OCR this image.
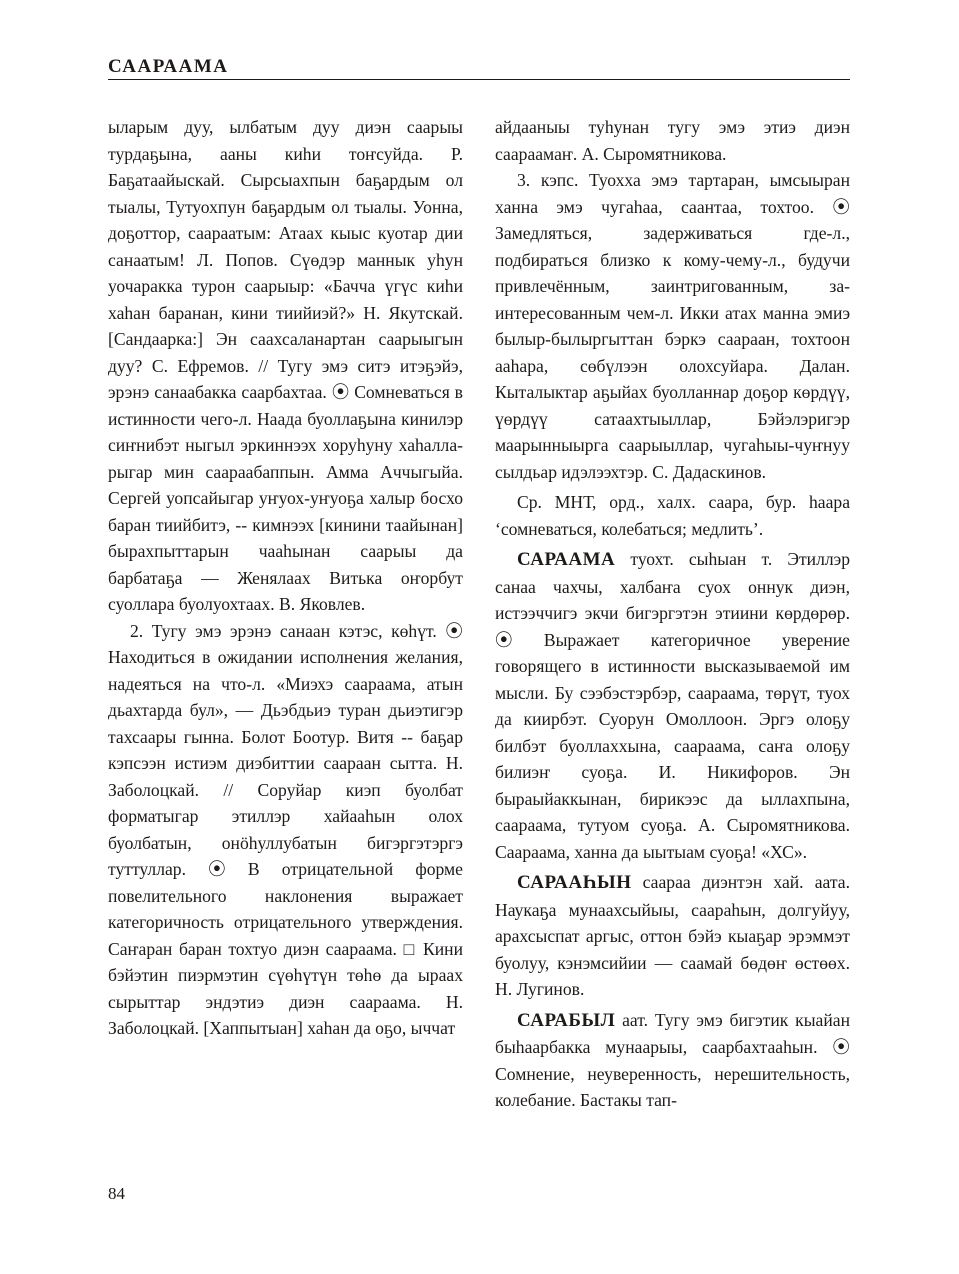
СААРААМА

ыларым дуу, ылбатым дуу диэн саарыы турдаҕына, ааны киһи тоҥсуйда. Р. Баҕатаайыскай. Сырсыахпын баҕардым ол тыалы, Тутуохпун баҕардым ол тыалы. Уонна, доҕоттор, саараатым: Атаах кыыс куотар дии санаатым! Л. Попов. Сүөдэр маннык уһун уочаракка турон саарыыр: «Бачча үгүс киһи хаһан баранан, кини тиийиэй?» Н. Якутскай. [Сандаарка:] Эн саахсаланартан саарыыгын дуу? С. Ефремов. // Тугу эмэ ситэ итэҕэйэ, эрэнэ санаабакка саарбахтаа. ⦿ Сомневаться в истинности чего-л. Наада буоллаҕына кинилэр сиҥнибэт ныгыл эркиннээх хоруһуну хаһалларыгар мин саараабаппын. Амма Аччыгыйа. Сергей уопсайыгар уҥуох-уҥуоҕа халыр босхо баран тиийбитэ, -- кимнээх [кинини таайынан] бырахпыттарын чааһынан саарыы да барбатаҕа — Женялаах Витька оҥорбут суоллара буолуохтаах. В. Яковлев.

2. Тугу эмэ эрэнэ санаан кэтэс, көһүт. ⦿ Находиться в ожидании исполнения желания, надеяться на что-л. «Миэхэ саараама, атын дьахтарда бул», — Дьэбдьиэ туран дьиэтигэр тахсаары гынна. Болот Боотур. Витя -- баҕар кэпсээн истиэм диэбиттии саараан сытта. Н. Заболоцкай. // Соруйар киэп буолбат форматыгар этиллэр хайааһын олох буолбатын, онӧһуллубатын бигэргэтэргэ туттуллар. ⦿ В отрицательной форме повелительного наклонения выражает категоричность отрицательного утверждения. Саҥаран баран тохтуо диэн саараама. □ Кини бэйэтин пиэрмэтин сүөһүтүн төһө да ыраах сырыттар эндэтиэ диэн саараама. Н. Заболоцкай. [Хаппытыан] хаһан да оҕо, ыччат

айдааныы туһунан тугу эмэ этиэ диэн саараамаҥ. А. Сыромятникова.

3. кэпс. Туохха эмэ тартаран, ымсыыран ханна эмэ чугаһаа, саантаа, тохтоо. ⦿ Замедляться, задерживаться где-л., подбираться близко к кому-чему-л., будучи привлечённым, заинтригованным, заинтересованным чем-л. Икки атах манна эмиэ былыр-былыргыттан бэркэ саараан, тохтоон ааһара, сөбүлээн олохсуйара. Далан. Кыталыктар аҕыйах буолланнар доҕор көрдүү, үөрдүү сатаахтыыллар, Бэйэлэригэр маарынныырга саарыыллар, чугаһыы-чуҥнуу сылдьар идэлээхтэр. С. Дадаскинов.

Ср. МНТ, орд., халх. саара, бур. һаара ‘сомневаться, колебаться; медлить’.

САРААМА туохт. сыһыан т. Этиллэр санаа чахчы, халбаҥа суох оннук диэн, истээччигэ экчи бигэргэтэн этиини көрдөрөр. ⦿ Выражает категоричное уверение говорящего в истинности высказываемой им мысли. Бу сээбэстэрбэр, саараама, төрүт, туох да киирбэт. Суорун Омоллоон. Эргэ олоҕу билбэт буоллаххына, саараама, саҥа олоҕу билиэҥ суоҕа. И. Никифоров. Эн быраыйаккынан, бирикээс да ыллахпына, саараама, тутуом суоҕа. А. Сыромятникова. Саараама, ханна да ыытыам суоҕа! «ХС».

САРААҺЫН саараа диэнтэн хай. аата. Наукаҕа мунаахсыйыы, саараһын, долгуйуу, арахсыспат аргыс, оттон бэйэ кыаҕар эрэммэт буолуу, кэнэмсийии — саамай бөдөҥ өстөөх. Н. Лугинов.

САРАБЫЛ аат. Тугу эмэ бигэтик кыайан быһаарбакка мунаарыы, саарбахтааһын. ⦿ Сомнение, неуверенность, нерешительность, колебание. Бастакы тап-

84
